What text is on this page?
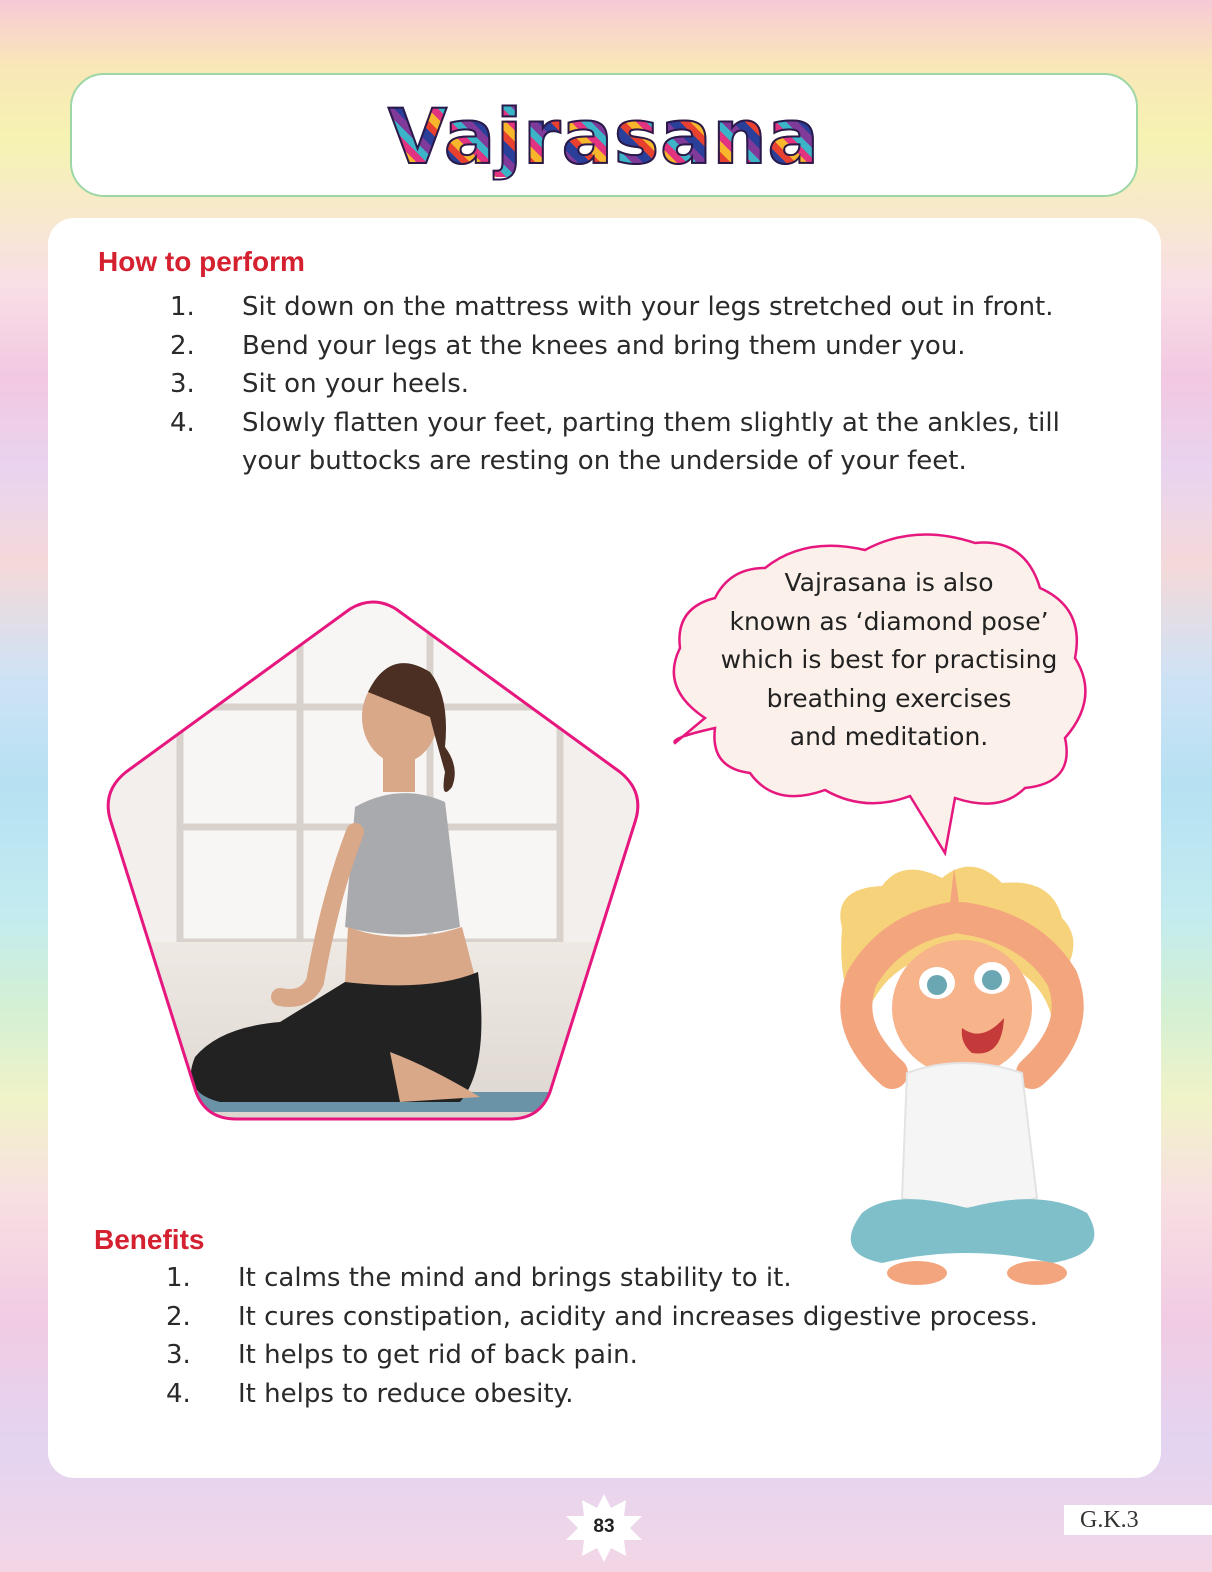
Vajrasana
How to perform
1. Sit down on the mattress with your legs stretched out in front.
2. Bend your legs at the knees and bring them under you.
3. Sit on your heels.
4. Slowly flatten your feet, parting them slightly at the ankles, till your buttocks are resting on the underside of your feet.
Vajrasana is also
known as ‘diamond pose’
which is best for practising
breathing exercises
and meditation.
Benefits
1. It calms the mind and brings stability to it.
2. It cures constipation, acidity and increases digestive process.
3. It helps to get rid of back pain.
4. It helps to reduce obesity.
83	G.K.3
